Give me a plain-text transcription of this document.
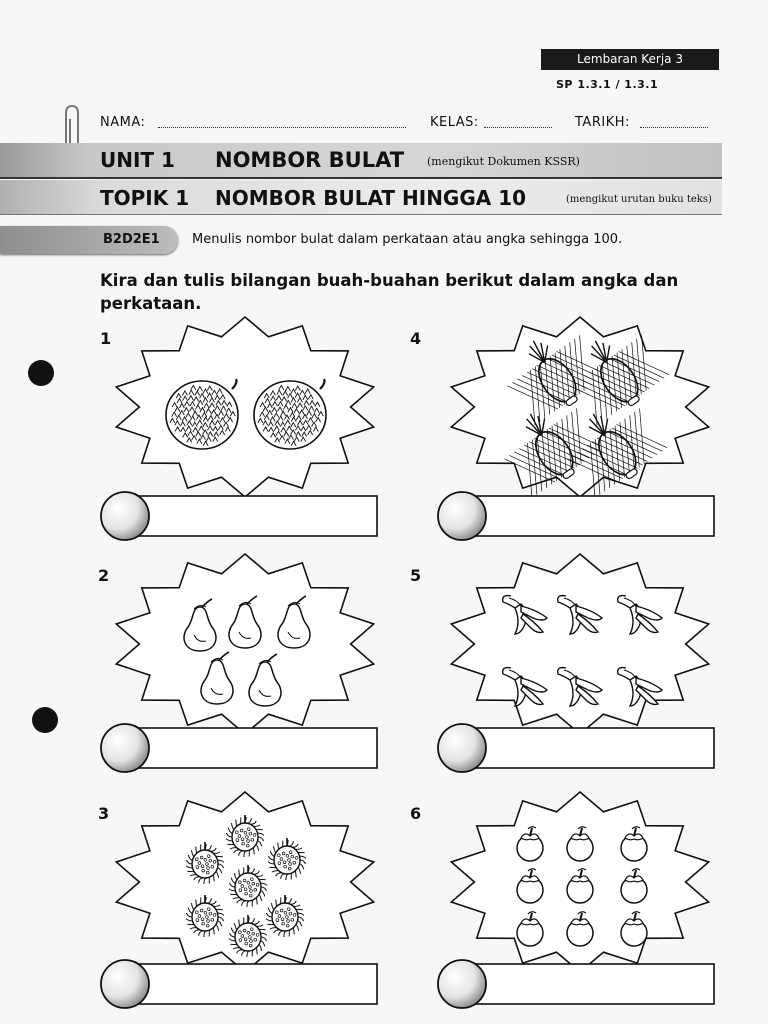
Lembaran Kerja 3
SP 1.3.1 / 1.3.1
NAMA:	KELAS:	TARIKH:
UNIT 1 NOMBOR BULAT (mengikut Dokumen KSSR)
TOPIK 1 NOMBOR BULAT HINGGA 10	(mengikut urutan buku teks)
B2D2E1 Menulis nombor bulat dalam perkataan atau angka sehingga 100.
Kira dan tulis bilangan buah-buahan berikut dalam angka dan perkataan.
1
2
3
4
5
6
